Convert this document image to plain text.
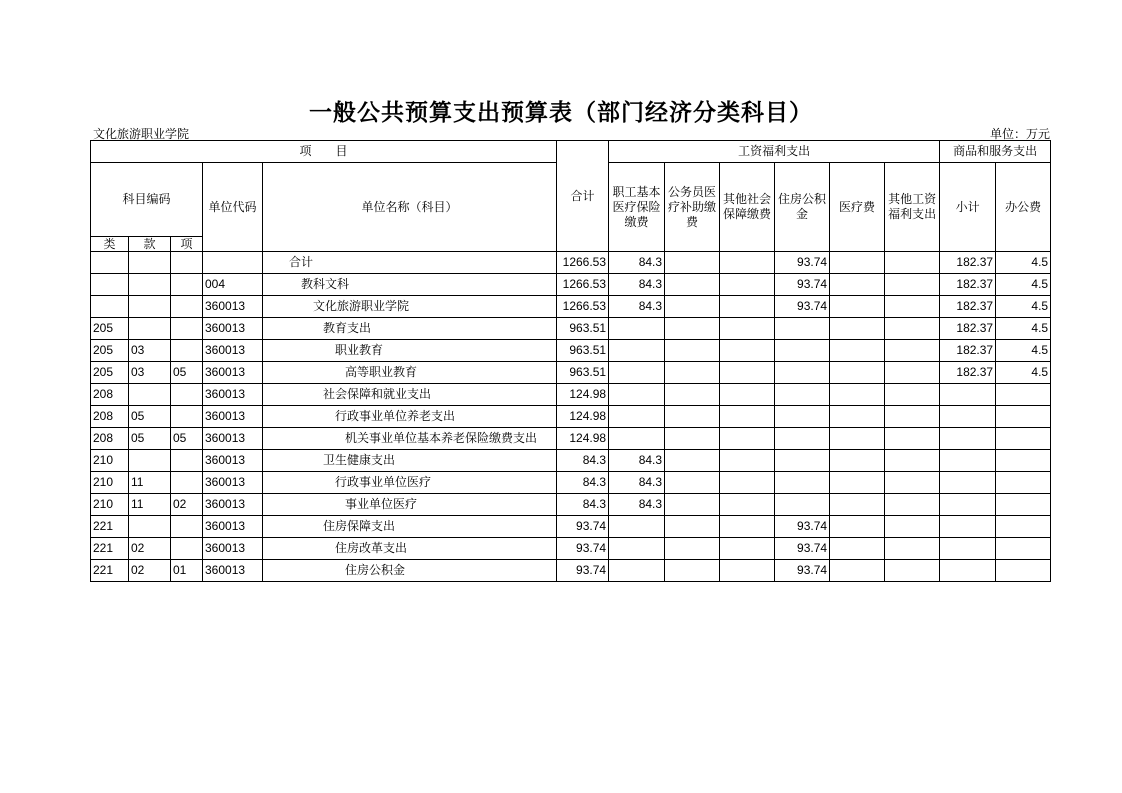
一般公共预算支出预算表（部门经济分类科目）
文化旅游职业学院	单位：万元
项　　目					合计	工资福利支出						商品和服务支出	
科目编码			单位代码	单位名称（科目）		职工基本医疗保险缴费	公务员医疗补助缴费	其他社会保障缴费	住房公积金	医疗费	其他工资福利支出	小计	办公费

类	款	项											
				合计	1266.53	84.3			93.74			182.37	4.5
			004	教科文科	1266.53	84.3			93.74			182.37	4.5
			360013	文化旅游职业学院	1266.53	84.3			93.74			182.37	4.5
205			360013	教育支出	963.51							182.37	4.5
205	03		360013	职业教育	963.51							182.37	4.5
205	03	05	360013	高等职业教育	963.51							182.37	4.5
208			360013	社会保障和就业支出	124.98								
208	05		360013	行政事业单位养老支出	124.98								
208	05	05	360013	机关事业单位基本养老保险缴费支出	124.98								
210			360013	卫生健康支出	84.3	84.3							
210	11		360013	行政事业单位医疗	84.3	84.3							
210	11	02	360013	事业单位医疗	84.3	84.3							
221			360013	住房保障支出	93.74				93.74				
221	02		360013	住房改革支出	93.74				93.74				
221	02	01	360013	住房公积金	93.74				93.74				
